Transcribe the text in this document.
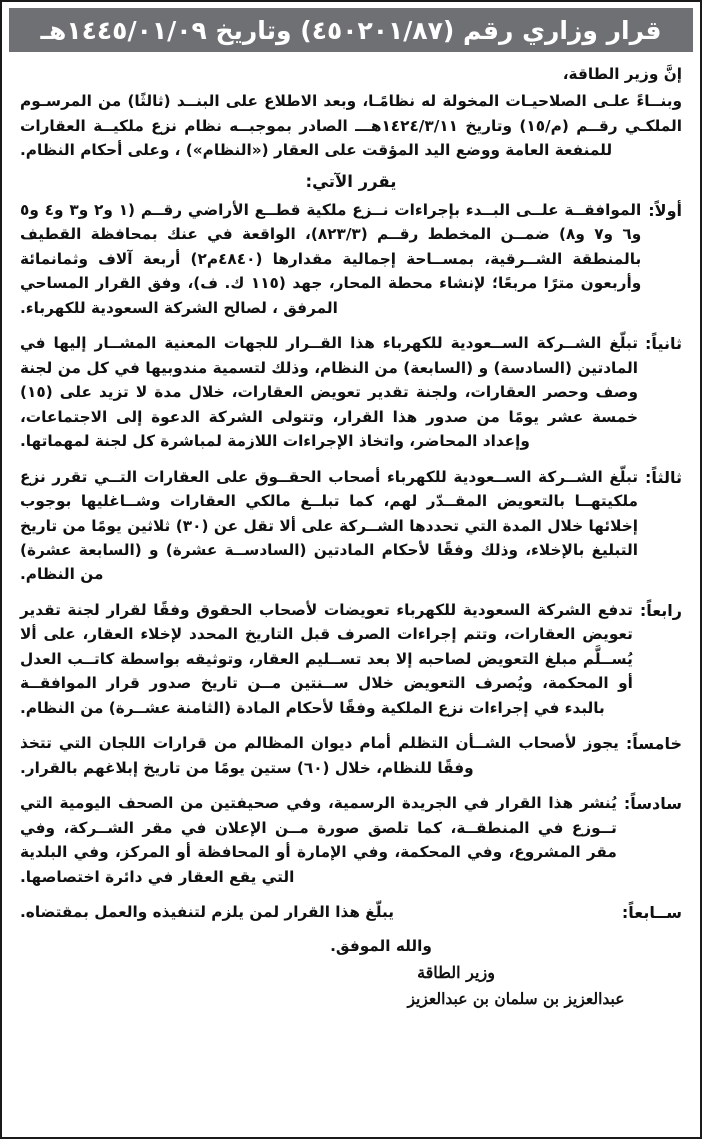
قرار وزاري رقم (٤٥٠٢٠١/٨٧) وتاريخ ١٤٤٥/٠١/٠٩هـ

إنَّ وزير الطاقة،

وبنــاءً علـى الصلاحيـات المخولة له نظامًـا، وبعد الاطلاع على البنــد (ثالثًا) من المرسـوم الملكـي رقــم (م/١٥) وتاريخ ١٤٢٤/٣/١١هـــ الصادر بموجبــه نظام نزع ملكيــة العقارات للمنفعة العامة ووضع اليد المؤقت على العقار («النظام») ، وعلى أحكام النظام.

يقرر الآتي:
أولاً:
الموافقــة علــى البــدء بإجراءات نــزع ملكية قطــع الأراضي رقــم (١ و٢ و٣ و٤ و٥ و٦ و٧ و٨) ضمــن المخطط رقــم (٨٢٣/٣)، الواقعة في عنك بمحافظة القطيف بالمنطقة الشــرقية، بمســاحة إجمالية مقدارها (٤٨٤٠م٢) أربعة آلاف وثمانمائة وأربعون مترًا مربعًا؛ لإنشاء محطة المحار، جهد (١١٥ ك. ف)، وفق القرار المساحي المرفق ، لصالح الشركة السعودية للكهرباء.
ثانياً:
تبلّغ الشــركة الســعودية للكهرباء هذا القــرار للجهات المعنية المشــار إليها في المادتين (السادسة) و (السابعة) من النظام، وذلك لتسمية مندوبيها في كل من لجنة وصف وحصر العقارات، ولجنة تقدير تعويض العقارات، خلال مدة لا تزيد على (١٥) خمسة عشر يومًا من صدور هذا القرار، وتتولى الشركة الدعوة إلى الاجتماعات، وإعداد المحاضر، واتخاذ الإجراءات اللازمة لمباشرة كل لجنة لمهماتها.
ثالثاً:
تبلّغ الشــركة الســعودية للكهرباء أصحاب الحقــوق على العقارات التــي تقرر نزع ملكيتهــا بالتعويض المقــدّر لهم، كما تبلــغ مالكي العقارات وشــاغليها بوجوب إخلائها خلال المدة التي تحددها الشــركة على ألا تقل عن (٣٠) ثلاثين يومًا من تاريخ التبليغ بالإخلاء، وذلك وفقًا لأحكام المادتين (السادســة عشرة) و (السابعة عشرة) من النظام.
رابعاً:
تدفع الشركة السعودية للكهرباء تعويضات لأصحاب الحقوق وفقًا لقرار لجنة تقدير تعويض العقارات، وتتم إجراءات الصرف قبل التاريخ المحدد لإخلاء العقار، على ألا يُســلَّم مبلغ التعويض لصاحبه إلا بعد تســليم العقار، وتوثيقه بواسطة كاتــب العدل أو المحكمة، ويُصرف التعويض خلال ســنتين مــن تاريخ صدور قرار الموافقــة بالبدء في إجراءات نزع الملكية وفقًا لأحكام المادة (الثامنة عشــرة) من النظام.
خامساً:
يجوز لأصحاب الشــأن التظلم أمام ديوان المظالم من قرارات اللجان التي تتخذ وفقًا للنظام، خلال (٦٠) ستين يومًا من تاريخ إبلاغهم بالقرار.
سادساً:
يُنشر هذا القرار في الجريدة الرسمية، وفي صحيفتين من الصحف اليومية التي تــوزع في المنطقــة، كما تلصق صورة مــن الإعلان في مقر الشــركة، وفي مقر المشروع، وفي المحكمة، وفي الإمارة أو المحافظة أو المركز، وفي البلدية التي يقع العقار في دائرة اختصاصها.
ســابعاً:
يبلّغ هذا القرار لمن يلزم لتنفيذه والعمل بمقتضاه.
والله الموفق.
وزير الطاقة
عبدالعزيز بن سلمان بن عبدالعزيز
